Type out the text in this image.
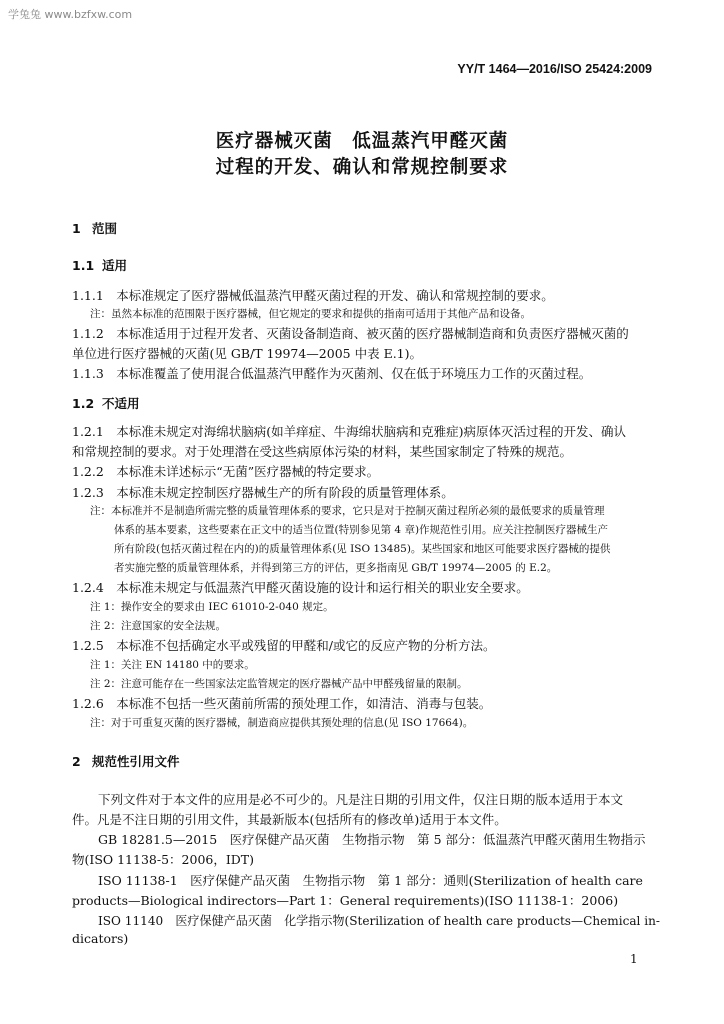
学兔兔 www.bzfxw.com
YY/T 1464—2016/ISO 25424:2009
医疗器械灭菌　低温蒸汽甲醛灭菌
过程的开发、确认和常规控制要求
1 范围
1.1 适用
1.1.1　本标准规定了医疗器械低温蒸汽甲醛灭菌过程的开发、确认和常规控制的要求。
注：虽然本标准的范围限于医疗器械，但它规定的要求和提供的指南可适用于其他产品和设备。
1.1.2　本标准适用于过程开发者、灭菌设备制造商、被灭菌的医疗器械制造商和负责医疗器械灭菌的
单位进行医疗器械的灭菌(见 GB/T 19974—2005 中表 E.1)。
1.1.3　本标准覆盖了使用混合低温蒸汽甲醛作为灭菌剂、仅在低于环境压力工作的灭菌过程。
1.2 不适用
1.2.1　本标准未规定对海绵状脑病(如羊痒症、牛海绵状脑病和克雅症)病原体灭活过程的开发、确认
和常规控制的要求。对于处理潜在受这些病原体污染的材料，某些国家制定了特殊的规范。
1.2.2　本标准未详述标示“无菌”医疗器械的特定要求。
1.2.3　本标准未规定控制医疗器械生产的所有阶段的质量管理体系。
注：本标准并不是制造所需完整的质量管理体系的要求，它只是对于控制灭菌过程所必须的最低要求的质量管理
体系的基本要素，这些要素在正文中的适当位置(特别参见第 4 章)作规范性引用。应关注控制医疗器械生产
所有阶段(包括灭菌过程在内的)的质量管理体系(见 ISO 13485)。某些国家和地区可能要求医疗器械的提供
者实施完整的质量管理体系，并得到第三方的评估，更多指南见 GB/T 19974—2005 的 E.2。
1.2.4　本标准未规定与低温蒸汽甲醛灭菌设施的设计和运行相关的职业安全要求。
注 1：操作安全的要求由 IEC 61010-2-040 规定。
注 2：注意国家的安全法规。
1.2.5　本标准不包括确定水平或残留的甲醛和/或它的反应产物的分析方法。
注 1：关注 EN 14180 中的要求。
注 2：注意可能存在一些国家法定监管规定的医疗器械产品中甲醛残留量的限制。
1.2.6　本标准不包括一些灭菌前所需的预处理工作，如清洁、消毒与包装。
注：对于可重复灭菌的医疗器械，制造商应提供其预处理的信息(见 ISO 17664)。
2 规范性引用文件
下列文件对于本文件的应用是必不可少的。凡是注日期的引用文件，仅注日期的版本适用于本文
件。凡是不注日期的引用文件，其最新版本(包括所有的修改单)适用于本文件。
GB 18281.5—2015　医疗保健产品灭菌　生物指示物　第 5 部分：低温蒸汽甲醛灭菌用生物指示
物(ISO 11138-5：2006，IDT)
ISO 11138-1　医疗保健产品灭菌　生物指示物　第 1 部分：通则(Sterilization of health care
products—Biological indirectors—Part 1：General requirements)(ISO 11138-1：2006)
ISO 11140　医疗保健产品灭菌　化学指示物(Sterilization of health care products—Chemical in-
dicators)
1
